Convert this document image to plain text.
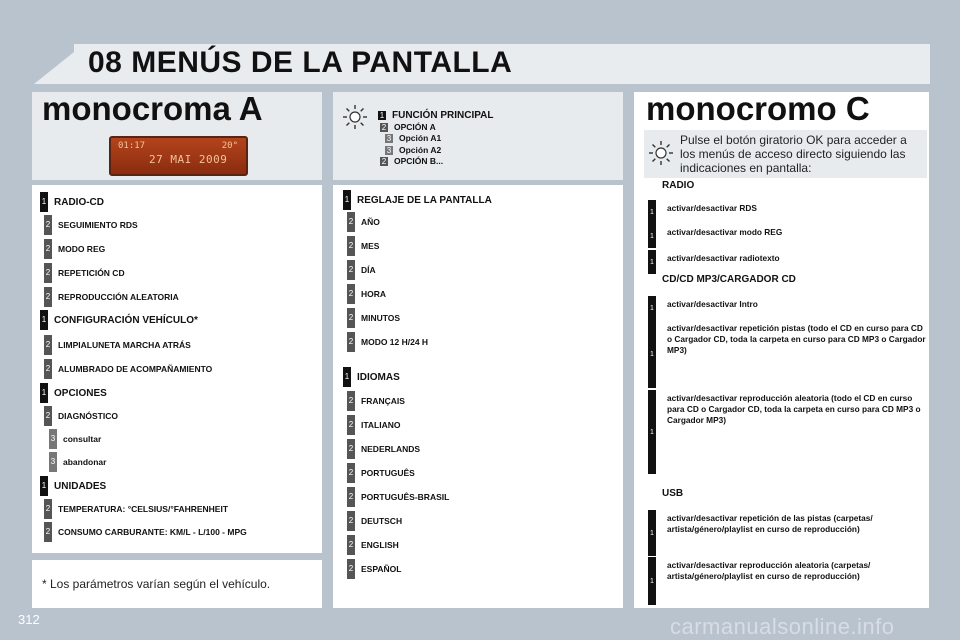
08 MENÚS DE LA PANTALLA
monocroma A
01:17	20°
27 MAI 2009
1 RADIO-CD
2 SEGUIMIENTO RDS
2 MODO REG
2 REPETICIÓN CD
2 REPRODUCCIÓN ALEATORIA
1 CONFIGURACIÓN VEHÍCULO*
2 LIMPIALUNETA MARCHA ATRÁS
2 ALUMBRADO DE ACOMPAÑAMIENTO
1 OPCIONES
2 DIAGNÓSTICO
3 consultar
3 abandonar
1 UNIDADES
2 TEMPERATURA: °CELSIUS/°FAHRENHEIT
2 CONSUMO CARBURANTE: KM/L - L/100 - MPG
* Los parámetros varían según el vehículo.
1 FUNCIÓN PRINCIPAL
2 OPCIÓN A
3 Opción A1
3 Opción A2
2 OPCIÓN B...
1 REGLAJE DE LA PANTALLA
2 AÑO
2 MES
2 DÍA
2 HORA
2 MINUTOS
2 MODO 12 H/24 H
1 IDIOMAS
2 FRANÇAIS
2 ITALIANO
2 NEDERLANDS
2 PORTUGUÊS
2 PORTUGUÊS-BRASIL
2 DEUTSCH
2 ENGLISH
2 ESPAÑOL
monocromo C
Pulse el botón giratorio OK para acceder a los menús de acceso directo siguiendo las indicaciones en pantalla:
RADIO
1 activar/desactivar RDS
1 activar/desactivar modo REG
1 activar/desactivar radiotexto
CD/CD MP3/CARGADOR CD
1 activar/desactivar Intro
1
activar/desactivar repetición pistas (todo el CD en curso para CD o Cargador CD, toda la carpeta en curso para CD MP3 o Cargador MP3)
1
activar/desactivar reproducción aleatoria (todo el CD en curso para CD o Cargador CD, toda la carpeta en curso para CD MP3 o Cargador MP3)
USB
1
activar/desactivar repetición de las pistas (carpetas/ artista/género/playlist en curso de reproducción)
1
activar/desactivar reproducción aleatoria (carpetas/ artista/género/playlist en curso de reproducción)
312	carmanualsonline.info
